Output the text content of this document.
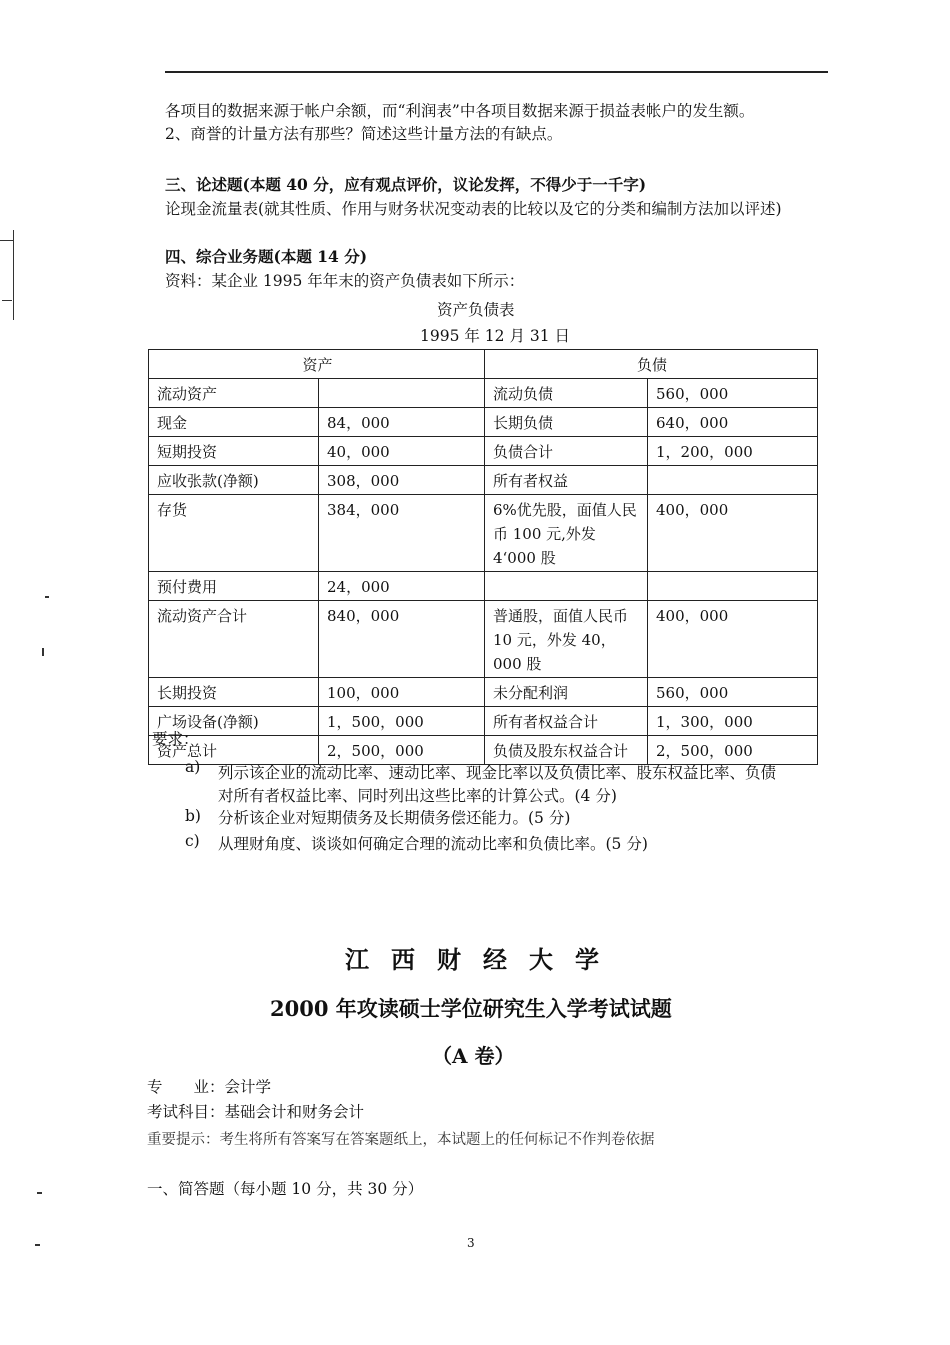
各项目的数据来源于帐户余额，而“利润表”中各项目数据来源于损益表帐户的发生额。
2、商誉的计量方法有那些？简述这些计量方法的有缺点。
三、论述题(本题 40 分，应有观点评价，议论发挥，不得少于一千字)
论现金流量表(就其性质、作用与财务状况变动表的比较以及它的分类和编制方法加以评述)
四、综合业务题(本题 14 分)
资料：某企业 1995 年年末的资产负债表如下所示：
资产负债表
1995 年 12 月 31 日
资产		负债	
流动资产		流动负债	560，000
现金	84，000	长期负债	640，000
短期投资	40，000	负债合计	1，200，000
应收张款(净额)	308，000	所有者权益	
存货	384，000	6%优先股，面值人民币 100 元,外发 4‘000 股	400，000
预付费用	24，000		
流动资产合计	840，000	普通股，面值人民币 10 元，外发 40，000 股	400，000
长期投资	100，000	未分配利润	560，000
广场设备(净额)	1，500，000	所有者权益合计	1，300，000
资产总计	2，500，000	负债及股东权益合计	2，500，000
要求：
a) 列示该企业的流动比率、速动比率、现金比率以及负债比率、股东权益比率、负债
对所有者权益比率、同时列出这些比率的计算公式。(4 分)
b) 分析该企业对短期债务及长期债务偿还能力。(5 分)
c) 从理财角度、谈谈如何确定合理的流动比率和负债比率。(5 分)
江西财经大学
2000 年攻读硕士学位研究生入学考试试题
（A 卷）
专　　业：会计学
考试科目：基础会计和财务会计
重要提示：考生将所有答案写在答案题纸上，本试题上的任何标记不作判卷依据
一、简答题（每小题 10 分，共 30 分）
3
